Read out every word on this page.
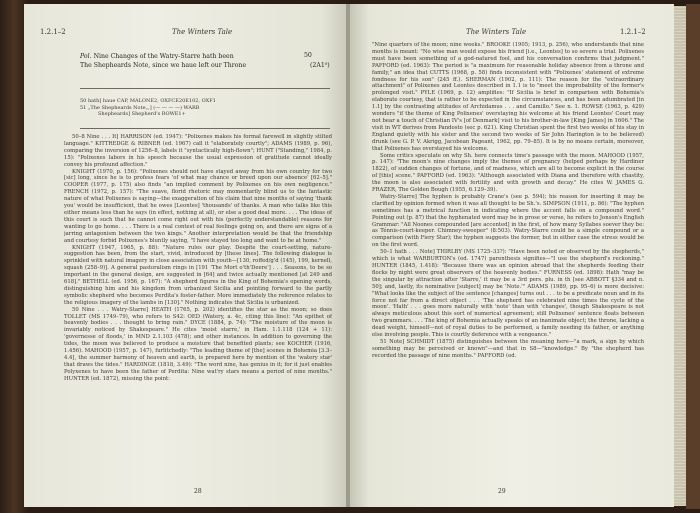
1.2.1–2	The Winters Tale
Pol. Nine Changes of the Watry-Starre hath been
The Shepheards Note, since we haue left our Throne
50
(2A1⁰)

50 hath] haue CAP, MALONE2, OXFCE20E102, OXF1

51 „The Shepheards Note„,] (— — — —) WARB

Shepheards] Shepherd's ROWE1+

50–8 Nine . . . It] HARRISON (ed. 1947): "Polixenes makes his formal farewell in slightly stilted language." KITTREDGE & RIBNER (ed. 1967) call it "elaborately courtly"; ADAMS (1989, p. 96), comparing the inversion of 1256–8, labels it "syntactically high-flown"; HUNT ("Standing," 1984, p. 15): "Polixenes labors in his speech because the usual expression of gratitude cannot ideally convey his profound affection."

KNIGHT (1970, p. 156): "Polixenes should not have stayed away from his own country for two [sic] long, since he is to profess fears 'of what may chance or breed upon our absence' [62–5]." COOPER (1977, p. 175) also finds "an implied comment by Polixenes on his own negligence." FRENCH (1972, p. 157): "The suave, florid rhetoric may momentarily blind us to the fantastic nature of what Polixenes is saying—the exaggeration of his claim that nine months of saying 'thank you' would be insufficient, that he owes [Leontes] 'thousands' of thanks. A man who talks like this either means less than he says (in effect, nothing at all), or else a good deal more. . . . The ideas of this court is such that he cannot come right out with his (perfectly understandable) reasons for wanting to go home. . . . There is a real contest of real feelings going on, and there are signs of a jarring antagonism between the two kings." Another interpretation would be that the friendship and courtesy forbid Polixenes's bluntly saying, "I have stayed too long and want to be at home."

KNIGHT (1947, 1965, p. 88): "Nature rules our play. Despite the court-setting, nature-suggestion has been, from the start, vivid, introduced by [these lines]. The following dialogue is sprinkled with natural imagery in close association with youth—[130, roffed/g'd (145), 199, kernell, squash (258–9)]. A general pastoralism rings in [191 'The Mort o'th'Deere'] . . . Seasons, to be so important in the general design, are suggested in [64] and twice actually mentioned [at 249 and 618]." BETHELL (ed. 1956, p. 167): "A shepherd figures in the King of Bohemia's opening words, distinguishing him and his kingdom from urbanized Sicilia and pointing forward to the partly symbolic shepherd who becomes Perdita's foster-father. More immediately the reference relates to the religious imagery of the lambs in [130]." Nothing indicates that Sicilia is urbanized.

50 Nine . . . Watry-Starre] HEATH (1765, p. 202) identifies the star as the moon; so does TOLLET (MS 1749–79), who refers to S42: OED (Watery, a. 4c, citing this line): "An epithet of heavenly bodies . . . thought to bring rain." DYCE (1884, p. 74): "The moisture of the moon is invariably noticed by Shakespeare." He cites 'moist starre,' in Ham. 1.1.118 (124 + 11): 'governesse of floods,' in MND 2.1.103 (478); and other instances. In addition to governing the tides, the moon was believed to produce a moisture that benefited plants; see KOCHER (1916, 1.456). MAHOOD (1957, p. 147), furlitchedly: "The leading theme of [the] scenes in Bohemia [3.3–4.4], the summer harmony of heaven and earth, is prepared here by mention of the 'watery star' that draws the tides." HARDINGE (1818, 3.49): "The word nine, has genius in it; for it just enables Polyxenes to have been the father of Perdita: Nine wat'ry stars means a period of nine months." HUNTER (ed. 1872), missing the point:

28
The Winters Tale	1.2.1–2

"Nine quarters of the moon; nine weeks." BROOKE (1905; 1913, p. 256), who understands that nine months is meant: "No wise man would expose his friend [i.e., Leontes] to so severe a trial. Polixenes must have been something of a god-natured fool, and his conversation confirms that judgment." PAFFORD (ed. 1963): The period is "a maximum for reasonable holiday absence from a throne and family," an idea that CUTTS (1968, p. 58) finds inconsistent with "Polixenes' statement of extreme fondness for his son" (245 ff.). SHERMAN (1902, p. 111): The reason for the "extraordinary attachment" of Polixenes and Leontes described in 1.1 is to "meet the improbability of the former's prolonged visit." PYLE (1969, p. 12) amplifies: "If Sicilia is brief in comparison with Bohemia's elaborate courtesy, that is rather to be expected in the circumstances, and has been adumbrated [in 1.1] by the contrasting attitudes of Archidamus . . . and Camillo." See n. 1. ROWSE (1963, p. 429) wonders "if the theme of King Polixenes' overstaying his welcome at his friend Leontes' Court may not bear a touch of Christian IV's [of Denmark] visit to his brother-in-law [King James] in 1606." The visit in WT derives from Pandosto (sec p. 621). King Christian spent the first two weeks of his stay in England quietly with his sister and the second two weeks of Sir John Harington is to be believed) drunk (see G. P. V. Akrigg, Jacobean Pageant, 1962, pp. 79–85). It is by no means certain, moreover, that Polixenes has overstayed his welcome.

Some critics speculate on why Sh. here connects time's passage with the moon. MAHOOD (1957, p. 147): "The moon's nine changes imply the themes of pregnancy (helped perhaps by Hardiner 1822), of sudden changes of fortune, and of madness, which are all to become explicit in the course of [this] scene." PAFFORD (ed. 1963): "Although associated with Diana and therefore with chastity, the moon is also associated with fertility and with growth and decay." He cites W. JAMES G. FRAZER, The Golden Bough (1955, 6.129–39).

Watry-Starre] The hyphen is probably Crane's (see p. 594); his reason for inserting it may be clarified by opinion formed when it was all thought to be Sh.'s. SIMPSON (1911, p. 86): "The hyphen sometimes has a metrical function in indicating where the accent falls on a compound word." Pointing out (p. 87) that the hyphenated word may be in prose or verse, he refers to Jonson's English Grammar: "All Noones compounded [are accented] in the first, of how many Syllabes soever they be: as Ténnis-court-keeper. Chimney-sweeper" (8:503). Watry-Starre could be a simple compound or a comparison (with Fiery Star); the hyphen suggests the former, but in either case the stress would be on the first word.

50–1 hath . . . Note] THIRLBY (MS 1725–33?): "Have been noted or observed by the shepherds," which is what WARBURTON's (ed. 1747) parenthesis signifies—"I use the shepherd's reckoning." HUNTER (1845, 1.418): "Because there was an opinion abroad that the shepherds feeding their flocks by night were great observers of the heavenly bodies." FURNESS (ed. 1898): Hath "may be the singular by attraction after 'Starre,' it may be a 3rd pers. plu. in th [see ABBOTT §334 and n. 50]; and, lastly, its nominative [subject] may be 'Note.'" ADAMS (1989, pp. 95–6) is more decisive: "What looks like the subject of the sentence [changes] turns out . . . to be a predicate noun and in its force not far from a direct object . . . 'The shepherd has celebrated nine times the cycle of the moon'. 'Hath' . . . goes more naturally with 'note' than with 'changes', though Shakespeare is not always meticulous about this sort of numerical agreement; still Polixenes' sentence floats between two grammars. . . . The king of Bohemia actually speaks of an inanimate object; the throne, lacking a dead weight, himself—not of royal duties to be performed, a family needing its father, or anything else involving people. This is courtly deference with a vengeance."

51 Note] SCHMIDT (1875) distinguishes between the meaning here—"a mark, a sign by which something may be perceived or known"—and that in S8—"knowledge." By "the shepherd has recorded the passage of nine months." PAFFORD (ed.

29
